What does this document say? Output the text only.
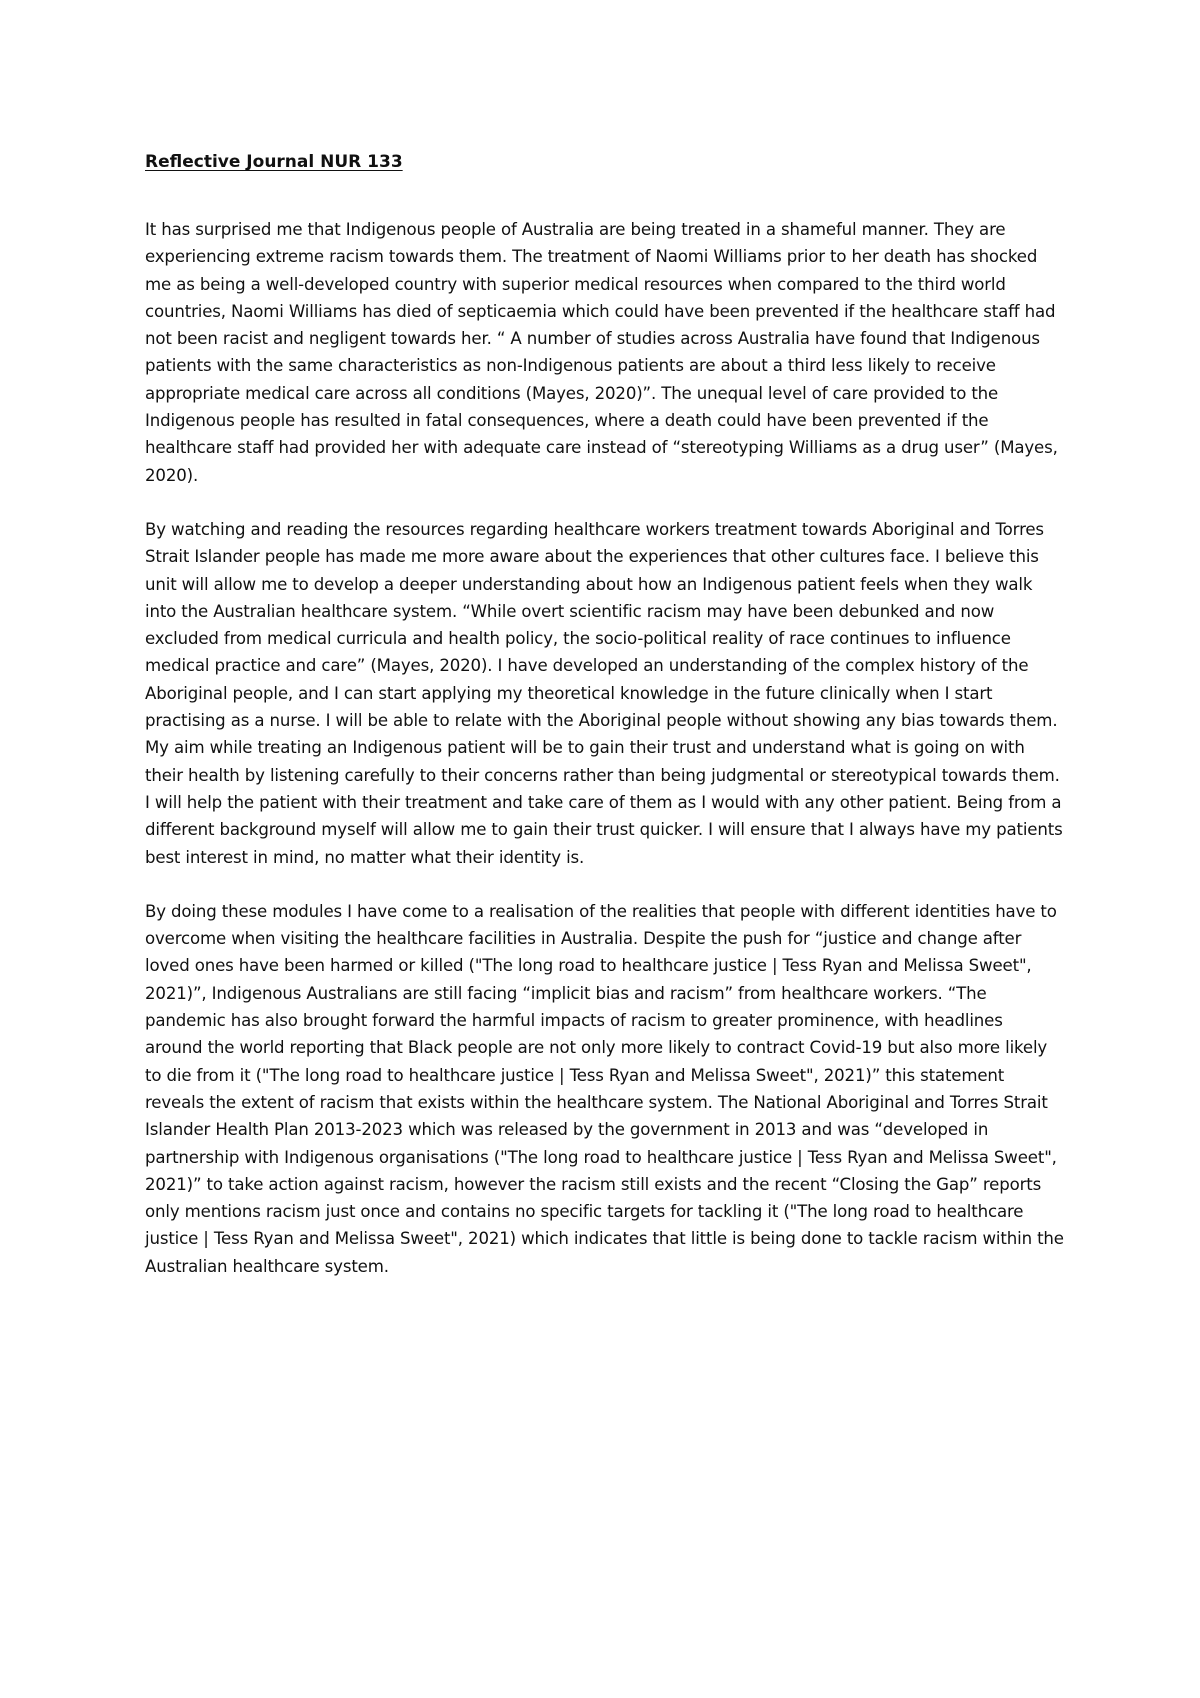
Reflective Journal NUR 133

It has surprised me that Indigenous people of Australia are being treated in a shameful manner. They are experiencing extreme racism towards them. The treatment of Naomi Williams prior to her death has shocked me as being a well-developed country with superior medical resources when compared to the third world countries, Naomi Williams has died of septicaemia which could have been prevented if the healthcare staff had not been racist and negligent towards her. “ A number of studies across Australia have found that Indigenous patients with the same characteristics as non-Indigenous patients are about a third less likely to receive appropriate medical care across all conditions (Mayes, 2020)”. The unequal level of care provided to the Indigenous people has resulted in fatal consequences, where a death could have been prevented if the healthcare staff had provided her with adequate care instead of “stereotyping Williams as a drug user” (Mayes, 2020).

By watching and reading the resources regarding healthcare workers treatment towards Aboriginal and Torres Strait Islander people has made me more aware about the experiences that other cultures face. I believe this unit will allow me to develop a deeper understanding about how an Indigenous patient feels when they walk into the Australian healthcare system. “While overt scientific racism may have been debunked and now excluded from medical curricula and health policy, the socio-political reality of race continues to influence medical practice and care” (Mayes, 2020). I have developed an understanding of the complex history of the Aboriginal people, and I can start applying my theoretical knowledge in the future clinically when I start practising as a nurse. I will be able to relate with the Aboriginal people without showing any bias towards them. My aim while treating an Indigenous patient will be to gain their trust and understand what is going on with their health by listening carefully to their concerns rather than being judgmental or stereotypical towards them. I will help the patient with their treatment and take care of them as I would with any other patient. Being from a different background myself will allow me to gain their trust quicker. I will ensure that I always have my patients best interest in mind, no matter what their identity is.

By doing these modules I have come to a realisation of the realities that people with different identities have to overcome when visiting the healthcare facilities in Australia. Despite the push for “justice and change after loved ones have been harmed or killed ("The long road to healthcare justice | Tess Ryan and Melissa Sweet", 2021)”, Indigenous Australians are still facing “implicit bias and racism” from healthcare workers. “The pandemic has also brought forward the harmful impacts of racism to greater prominence, with headlines around the world reporting that Black people are not only more likely to contract Covid-19 but also more likely to die from it ("The long road to healthcare justice | Tess Ryan and Melissa Sweet", 2021)” this statement reveals the extent of racism that exists within the healthcare system. The National Aboriginal and Torres Strait Islander Health Plan 2013-2023 which was released by the government in 2013 and was “developed in partnership with Indigenous organisations ("The long road to healthcare justice | Tess Ryan and Melissa Sweet", 2021)” to take action against racism, however the racism still exists and the recent “Closing the Gap” reports only mentions racism just once and contains no specific targets for tackling it ("The long road to healthcare justice | Tess Ryan and Melissa Sweet", 2021) which indicates that little is being done to tackle racism within the Australian healthcare system.
